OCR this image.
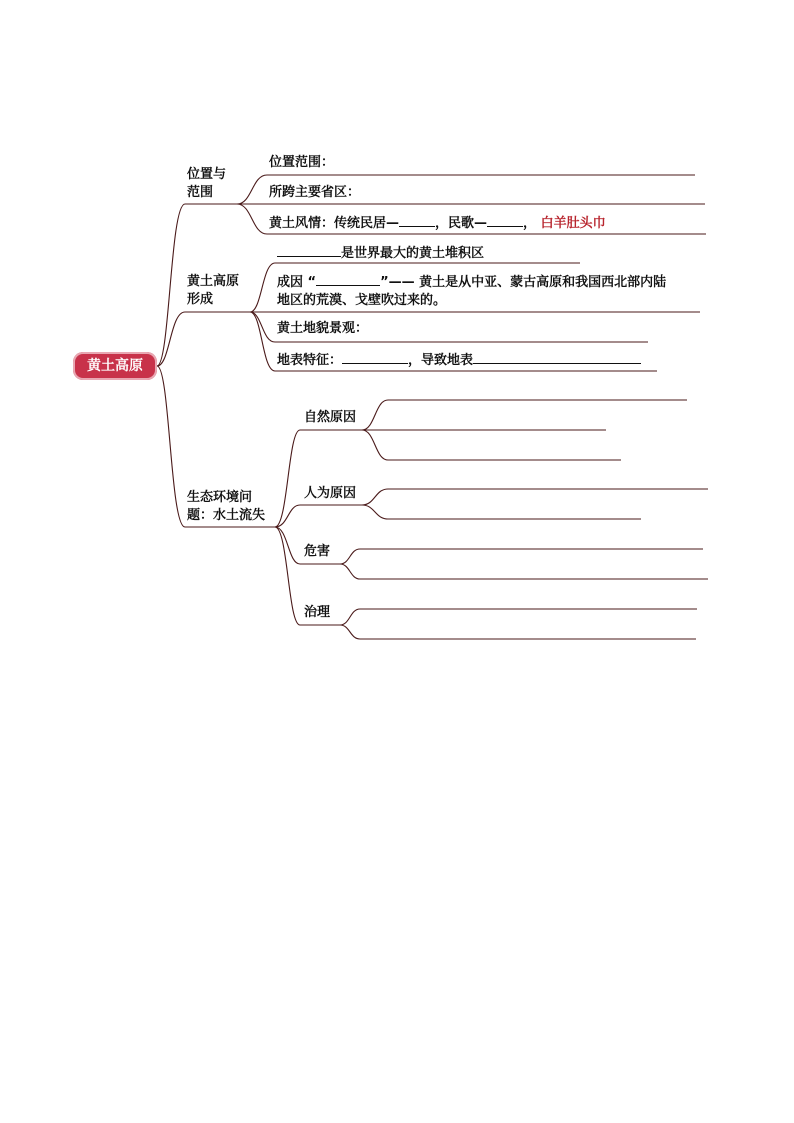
黄土高原
位置与
范围
位置范围：
所跨主要省区：
黄土风情：传统民居—	，民歌—	， 白羊肚头巾
黄土高原
形成
是世界最大的黄土堆积区
成因 “	”—— 黄土是从中亚、蒙古高原和我国西北部内陆
地区的荒漠、戈壁吹过来的。
黄土地貌景观：
地表特征：	，导致地表
生态环境问
题：水土流失
自然原因
人为原因
危害
治理
